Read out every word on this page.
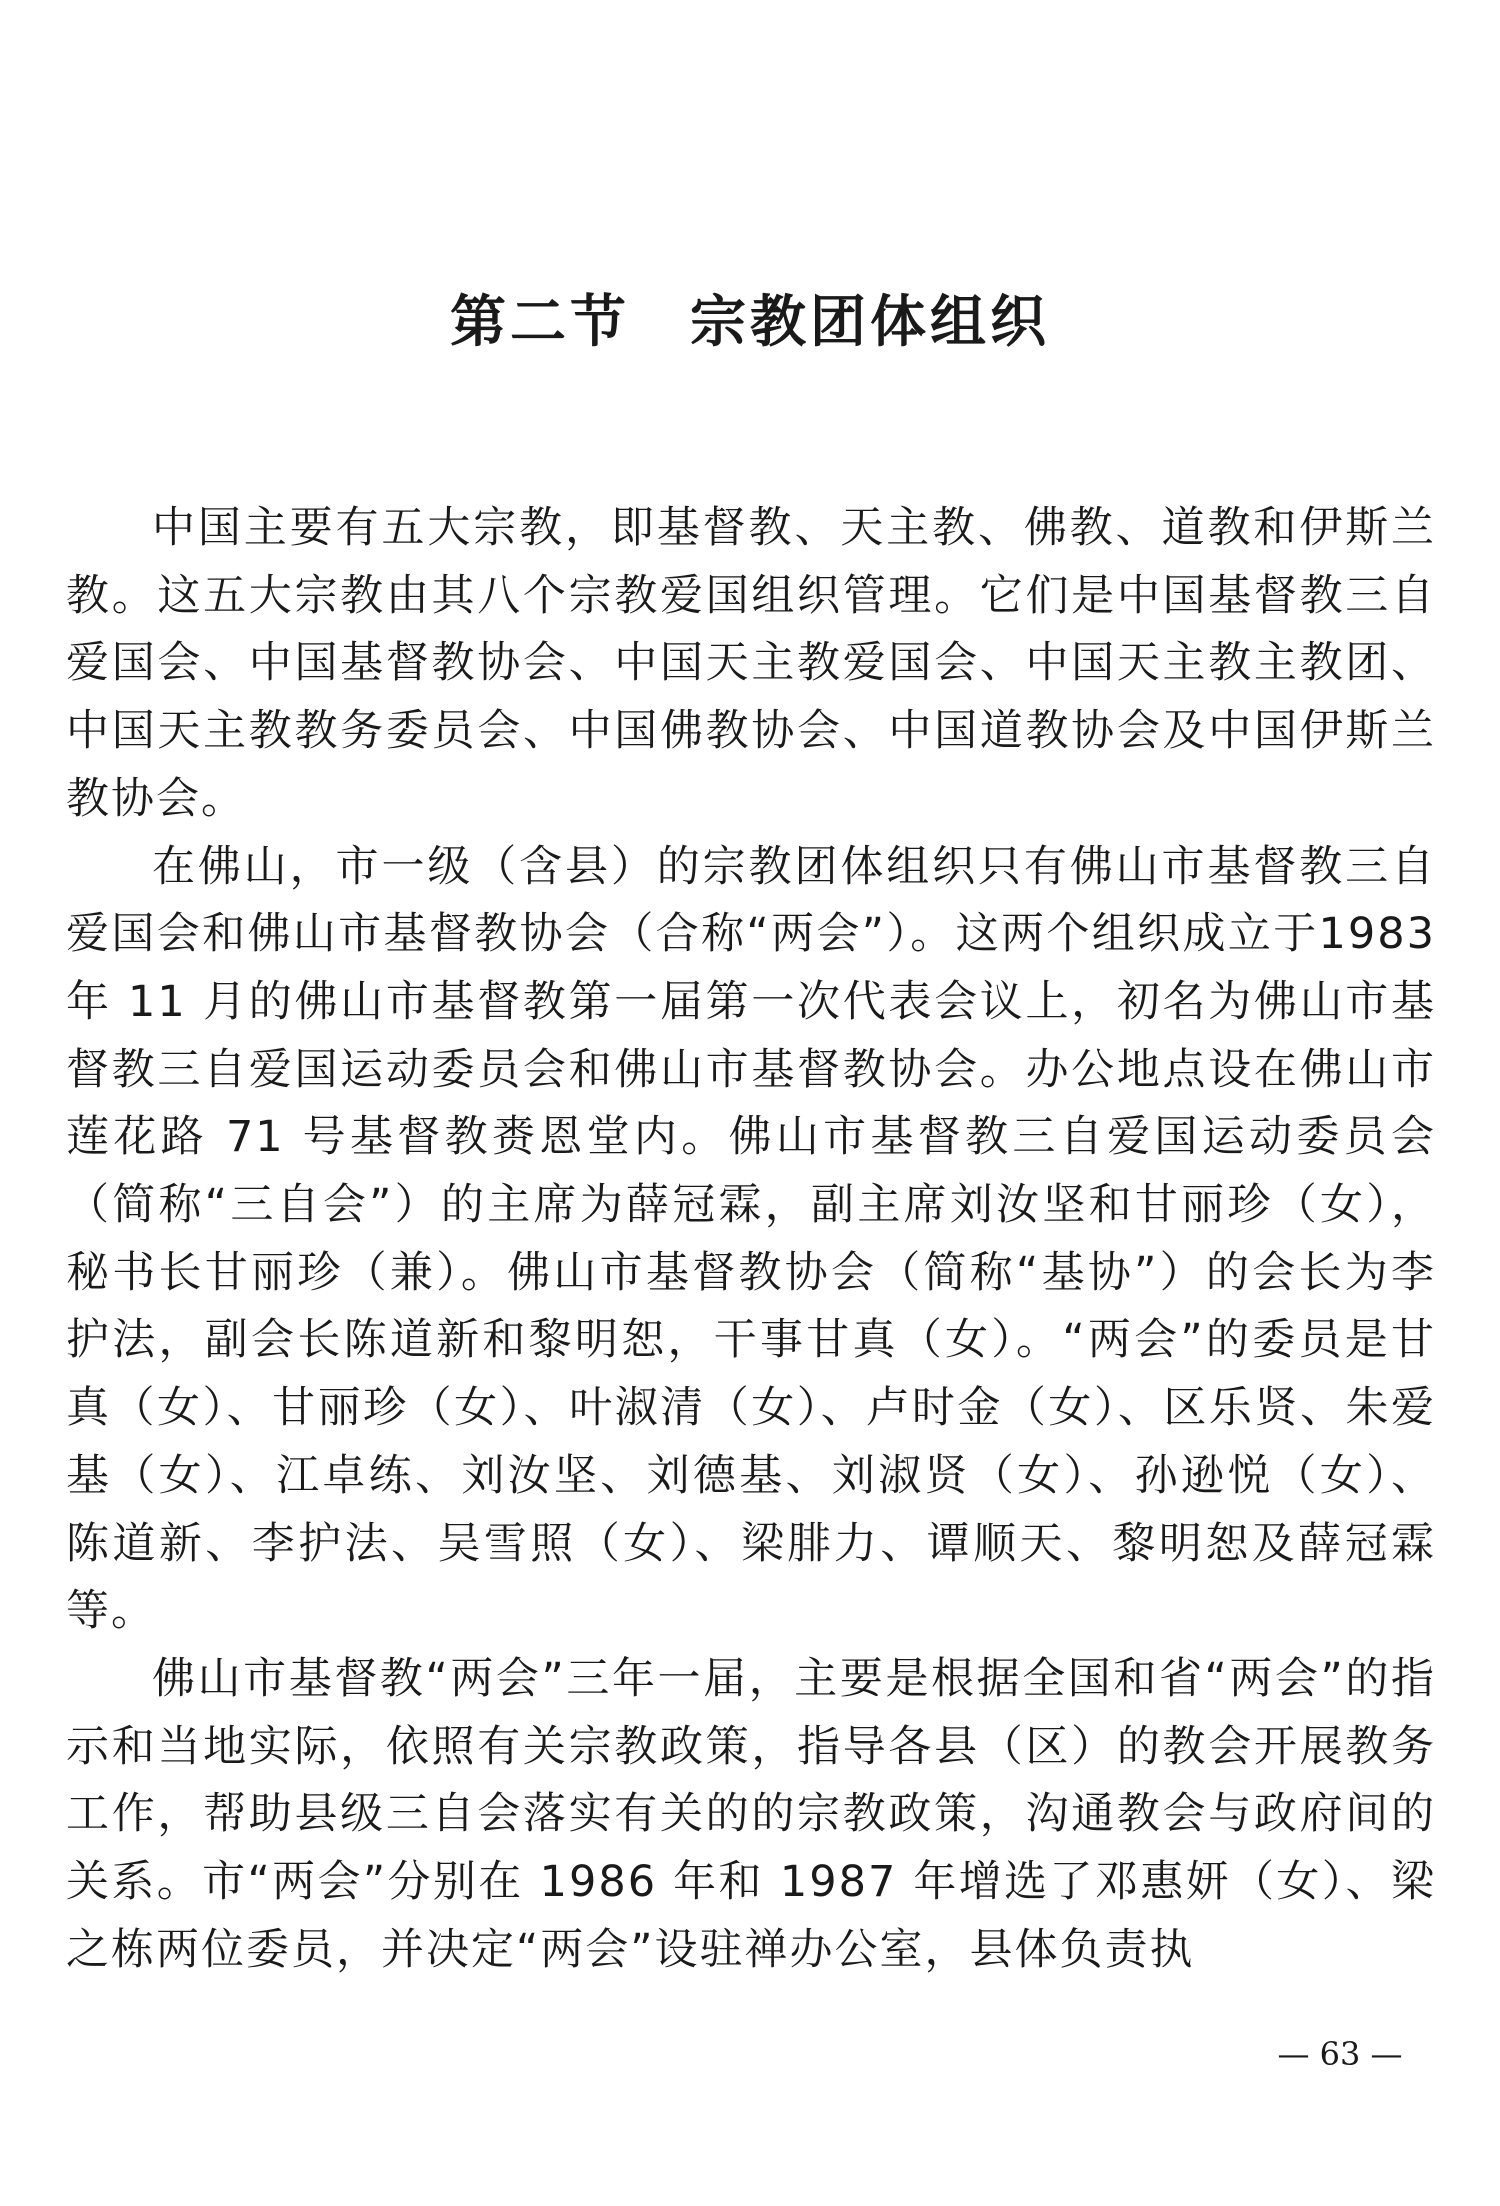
第二节　宗教团体组织

中国主要有五大宗教，即基督教、天主教、佛教、道教和伊斯兰教。这五大宗教由其八个宗教爱国组织管理。它们是中国基督教三自爱国会、中国基督教协会、中国天主教爱国会、中国天主教主教团、中国天主教教务委员会、中国佛教协会、中国道教协会及中国伊斯兰教协会。

在佛山，市一级（含县）的宗教团体组织只有佛山市基督教三自爱国会和佛山市基督教协会（合称“两会”）。这两个组织成立于1983 年 11 月的佛山市基督教第一届第一次代表会议上，初名为佛山市基督教三自爱国运动委员会和佛山市基督教协会。办公地点设在佛山市莲花路 71 号基督教赉恩堂内。佛山市基督教三自爱国运动委员会（简称“三自会”）的主席为薛冠霖，副主席刘汝坚和甘丽珍（女），秘书长甘丽珍（兼）。佛山市基督教协会（简称“基协”）的会长为李护法，副会长陈道新和黎明恕，干事甘真（女）。“两会”的委员是甘真（女）、甘丽珍（女）、叶淑清（女）、卢时金（女）、区乐贤、朱爱基（女）、江卓练、刘汝坚、刘德基、刘淑贤（女）、孙逊悦（女）、陈道新、李护法、吴雪照（女）、梁腓力、谭顺天、黎明恕及薛冠霖等。

佛山市基督教“两会”三年一届，主要是根据全国和省“两会”的指示和当地实际，依照有关宗教政策，指导各县（区）的教会开展教务工作，帮助县级三自会落实有关的的宗教政策，沟通教会与政府间的关系。市“两会”分别在 1986 年和 1987 年增选了邓惠妍（女）、梁之栋两位委员，并决定“两会”设驻禅办公室，县体负责执

— 63 —
